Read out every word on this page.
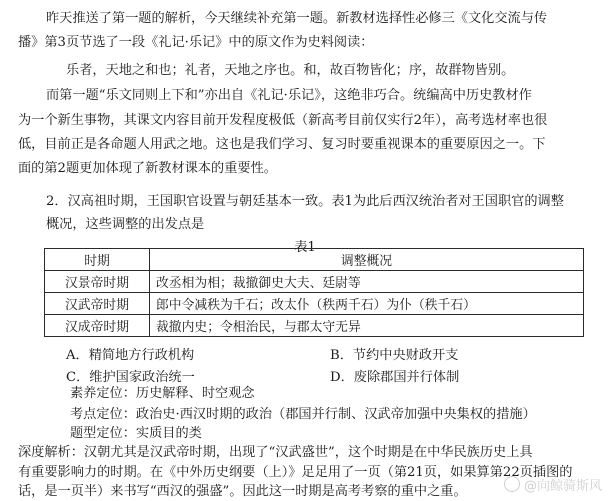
昨天推送了第一题的解析，今天继续补充第一题。新教材选择性必修三《文化交流与传
播》第3页节选了一段《礼记·乐记》中的原文作为史料阅读：
乐者，天地之和也；礼者，天地之序也。和，故百物皆化；序，故群物皆别。
而第一题“乐文同则上下和”亦出自《礼记·乐记》，这绝非巧合。统编高中历史教材作
为一个新生事物，其课文内容目前开发程度极低（新高考目前仅实行2年），高考选材率也很
低，目前正是各命题人用武之地。这也是我们学习、复习时要重视课本的重要原因之一。下
面的第2题更加体现了新教材课本的重要性。
2．汉高祖时期，王国职官设置与朝廷基本一致。表1为此后西汉统治者对王国职官的调整
概况，这些调整的出发点是
表1
时期	调整概况
汉景帝时期	改丞相为相；裁撤御史大夫、廷尉等
汉武帝时期	郎中令减秩为千石；改太仆（秩两千石）为仆（秩千石）
汉成帝时期	裁撤内史；令相治民，与郡太守无异
A．精简地方行政机构	B．节约中央财政开支
C．维护国家政治统一	D．废除郡国并行体制
素养定位：历史解释、时空观念
考点定位：政治史·西汉时期的政治（郡国并行制、汉武帝加强中央集权的措施）
题型定位：实质目的类
深度解析：汉朝尤其是汉武帝时期，出现了“汉武盛世”，这个时期是在中华民族历史上具
有重要影响力的时期。在《中外历史纲要（上）》足足用了一页（第21页，如果算第22页插图的
话，是一页半）来书写“西汉的强盛”。因此这一时期是高考考察的重中之重。	@向鲸骑斯风
